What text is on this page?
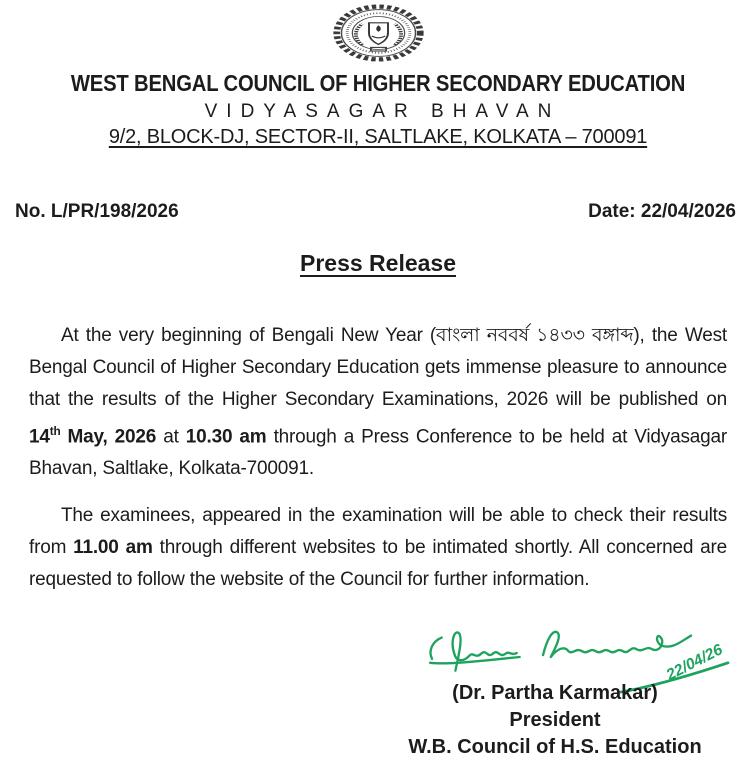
WEST BENGAL COUNCIL OF HIGHER SECONDARY EDUCATION
VIDYASAGAR BHAVAN
9/2, BLOCK-DJ, SECTOR-II, SALTLAKE, KOLKATA – 700091
No. L/PR/198/2026	Date: 22/04/2026
Press Release

At the very beginning of Bengali New Year (বাংলা নববর্ষ ১৪৩৩ বঙ্গাব্দ), the West Bengal Council of Higher Secondary Education gets immense pleasure to announce that the results of the Higher Secondary Examinations, 2026 will be published on 14th May, 2026 at 10.30 am through a Press Conference to be held at Vidyasagar Bhavan, Saltlake, Kolkata-700091.

The examinees, appeared in the examination will be able to check their results from 11.00 am through different websites to be intimated shortly. All concerned are requested to follow the website of the Council for further information.

22/04/26
(Dr. Partha Karmakar)
President
W.B. Council of H.S. Education
